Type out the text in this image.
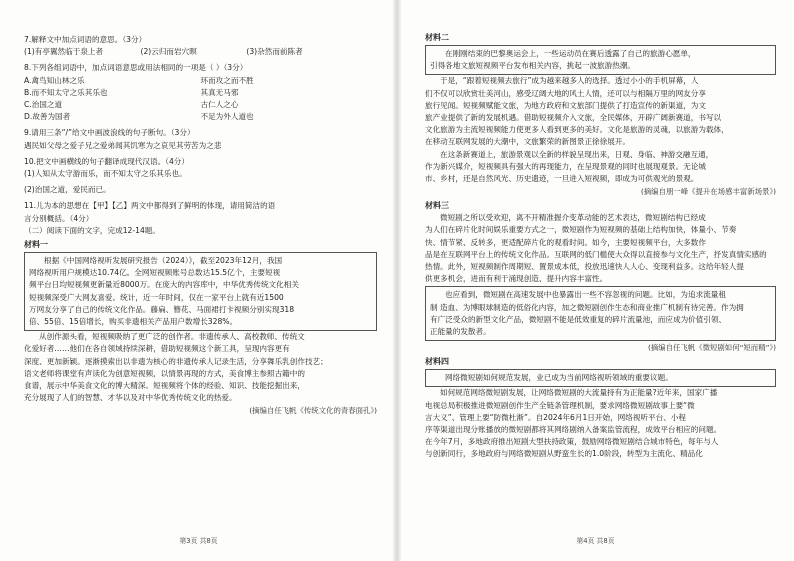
7.解释文中加点词语的意思。（3分）

(1)有亭翼然临于泉上者	(2)云归而岩穴暝	(3)杂然而前陈者

8.下列各组词语中，加点词语意思或用法相同的一项是（ ）（3分）

A.禽鸟知山林之乐	环而攻之而不胜

B.而不知太守之乐其乐也	其真无马邪

C.治国之道	古仁人之心

D.故善为国者	不足为外人道也

9.请用三条“/”给文中画波浪线的句子断句。（3分）

遇民如父母之爱子兄之爱弟闻其饥寒为之哀见其劳苦为之悲

10.把文中画横线的句子翻译成现代汉语。（4分）

(1)人知从太守游而乐，而不知太守之乐其乐也。

(2)治国之道，爱民而已。

11.儿为本的思想在【甲】【乙】两文中都得到了鲜明的体现，请用简洁的语

言分别概括。（4分）

（二）阅读下面的文字，完成12-14题。

材料一

根据《中国网络视听发展研究报告（2024）》，截至2023年12月，我国

网络视听用户规模达10.74亿。全网短视频账号总数达15.5亿个，主要短视

频平台日均短视频更新量近8000万。在庞大的内容库中，中华优秀传统文化相关

短视频深受广大网友喜爱。统计，近一年时间，仅在一家平台上就有近1500

万网友分享了自己的传统文化作品。藤扁、簪花、马面裙打卡视频分别实现318

倍、55倍、15倍增长，购买非遗相关产品用户数增长328%。

从创作源头看，短视频吸纳了更广泛的创作者。非遗传承人、高校教师、传统文

化爱好者……他们在各自领域持续深耕，借助短视频这个新工具，呈现内容更有

深度、更加新颖。逐渐摸索出以非遗为核心的非遗传承人记录生活，分享舞乐乳创作技艺；

语文老师将课堂有声读化为创意短视频，以情景再现的方式，美食博主参照古籍中的

食谱，展示中华美食文化的博大精深。短视频将个体的经验、知识、技能挖掘出来，

充分展现了人们的智慧、才华以及对中华优秀传统文化的热爱。

(摘编自任飞帆《传统文化的青春面孔》)

第3页 共8页

材料二

在刚刚结束的巴黎奥运会上，一些运动员在赛后透露了自己的旅游心愿单，

引得各地文旅短视频平台发布相关内容，挑起一波旅游热潮。

于是，“跟着短视频去旅行”成为越来越多人的选择。透过小小的手机屏幕，人

们不仅可以欣赏壮美河山，感受辽阔大地的风土人情，还可以与相隔万里的网友分享

旅行见闻。短视频赋能文旅，为地方政府和文旅部门提供了打造宣传的新渠道，为文

旅产业提供了新的发展机遇。借助短视频介入文旅，全民媒体，开辟广阔新赛道，书写以

文化旅游为主流短视频能力使更多人看到更多的美好。文化是旅游的灵魂，以旅游为载体，

在移动互联网发展的大潮中，文旅繁荣的新图景正徐徐展开。

在这条新赛道上，旅游景观以全新的样貌呈现出来，日观、身临、神游交融互通，

作为新兴媒介，短视频具有强大的再现能力，在呈现景观的同时也展现观景。无论城

市、乡村，还是自然风光、历史遗迹，一旦进入短视频，即成为可供观光的景观。

(摘编自朋一峰《提升在场感丰富新场景》)

材料三

微短剧之所以受欢迎，离不开精准握介变革动能的艺术表达，微短剧结构已经成

为人们在碎片化时间娱乐重要方式之一，微短剧作为短视频的基础上结构加快，体量小、节奏

快、情节紧、反转多，更适配碎片化的观看时间。如今，主要短视频平台，大多数作

品是在互联网平台上的传统文化作品。互联网的低门槛使大众得以直接参与文化生产，抒发真情实感的

热情。此外，短视频制作周期短、置景成本低，投放迅速快人人心、变现利益多。这给年轻人提

供更多机会，进而有利于涌现创造、提升内容丰富性。

也应看到，微短剧在高速发展中也暴露出一些不容忽视的问题。比如，为追求流量租

制 造血、为博眼球制造的低俗化内容，加之微短剧创作生态和商业推广机制有待完善。作为拥

有广泛受众的新型文化产品，微短剧不能是低效重复的碎片流量池，而应成为价值引领、

正能量的发散者。

(摘编自任飞帆《微短剧如何“短而精”》)

材料四

网络微短剧如何规范发展，业已成为当前网络视听领域的重要议题。

如何规范网络微短剧发展，让网络微短剧的大流量持有为正能量?近年来，国家广播

电视总局积极推进微短剧创作生产全链条管理机制，要求网络微短剧故事上要“微

言大义”、管理上要“防微杜渐”。自2024年6月1日开始，网络视听平台、小程

序等渠道出现分账播放的微短剧都将其网络剧纳入备案监管流程，成效平台相应的问题。

在今年7月，多地政府推出短剧大型扶持政策，鼓励网络微短剧结合城市特色，每年与人

与创新同行，多地政府与网络微短剧从野蛮生长的1.0阶段，转型为主流化、精品化

第4页 共8页
